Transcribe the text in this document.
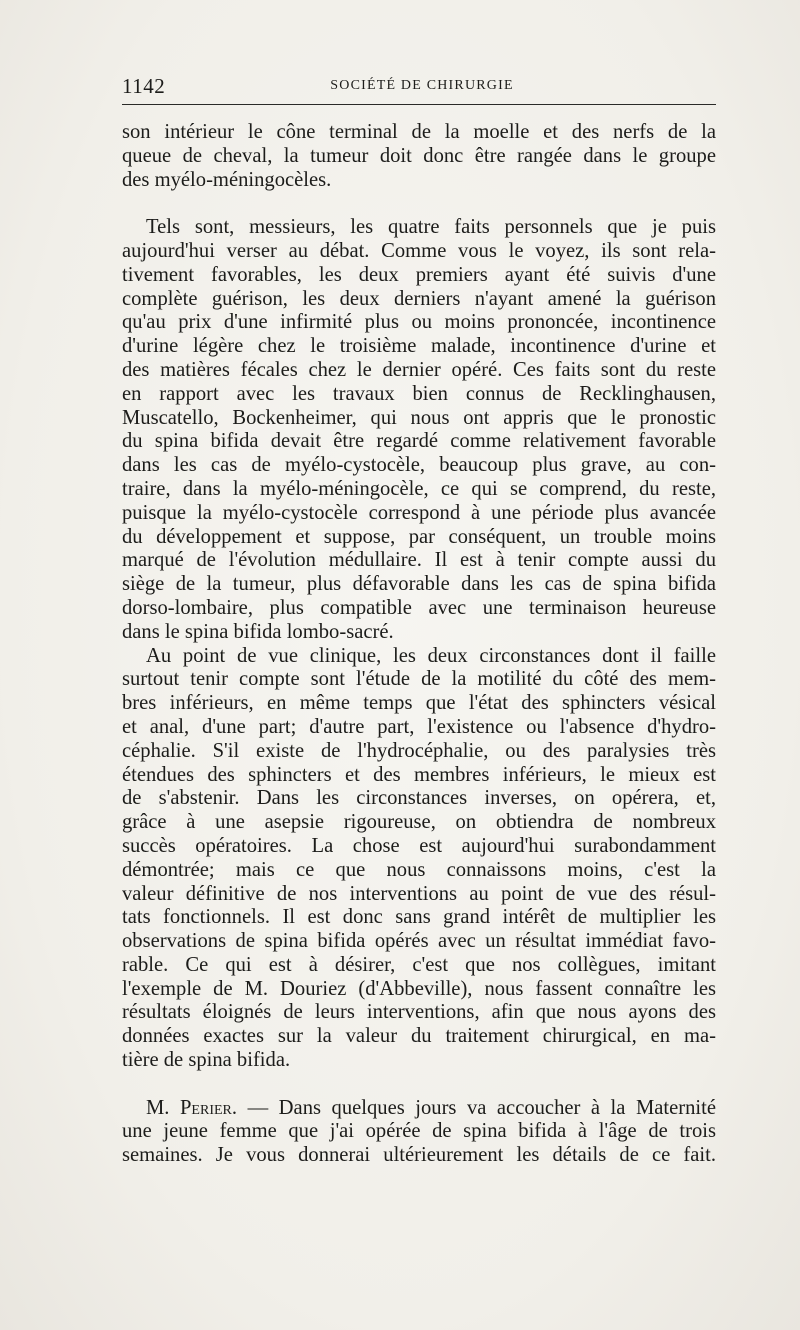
1142	SOCIÉTÉ DE CHIRURGIE
son intérieur le cône terminal de la moelle et des nerfs de la
queue de cheval, la tumeur doit donc être rangée dans le groupe
des myélo-méningocèles.
Tels sont, messieurs, les quatre faits personnels que je puis
aujourd'hui verser au débat. Comme vous le voyez, ils sont rela-
tivement favorables, les deux premiers ayant été suivis d'une
complète guérison, les deux derniers n'ayant amené la guérison
qu'au prix d'une infirmité plus ou moins prononcée, incontinence
d'urine légère chez le troisième malade, incontinence d'urine et
des matières fécales chez le dernier opéré. Ces faits sont du reste
en rapport avec les travaux bien connus de Recklinghausen,
Muscatello, Bockenheimer, qui nous ont appris que le pronostic
du spina bifida devait être regardé comme relativement favorable
dans les cas de myélo-cystocèle, beaucoup plus grave, au con-
traire, dans la myélo-méningocèle, ce qui se comprend, du reste,
puisque la myélo-cystocèle correspond à une période plus avancée
du développement et suppose, par conséquent, un trouble moins
marqué de l'évolution médullaire. Il est à tenir compte aussi du
siège de la tumeur, plus défavorable dans les cas de spina bifida
dorso-lombaire, plus compatible avec une terminaison heureuse
dans le spina bifida lombo-sacré.
Au point de vue clinique, les deux circonstances dont il faille
surtout tenir compte sont l'étude de la motilité du côté des mem-
bres inférieurs, en même temps que l'état des sphincters vésical
et anal, d'une part; d'autre part, l'existence ou l'absence d'hydro-
céphalie. S'il existe de l'hydrocéphalie, ou des paralysies très
étendues des sphincters et des membres inférieurs, le mieux est
de s'abstenir. Dans les circonstances inverses, on opérera, et,
grâce à une asepsie rigoureuse, on obtiendra de nombreux
succès opératoires. La chose est aujourd'hui surabondamment
démontrée; mais ce que nous connaissons moins, c'est la
valeur définitive de nos interventions au point de vue des résul-
tats fonctionnels. Il est donc sans grand intérêt de multiplier les
observations de spina bifida opérés avec un résultat immédiat favo-
rable. Ce qui est à désirer, c'est que nos collègues, imitant
l'exemple de M. Douriez (d'Abbeville), nous fassent connaître les
résultats éloignés de leurs interventions, afin que nous ayons des
données exactes sur la valeur du traitement chirurgical, en ma-
tière de spina bifida.
M. Perier. — Dans quelques jours va accoucher à la Maternité
une jeune femme que j'ai opérée de spina bifida à l'âge de trois
semaines. Je vous donnerai ultérieurement les détails de ce fait.
